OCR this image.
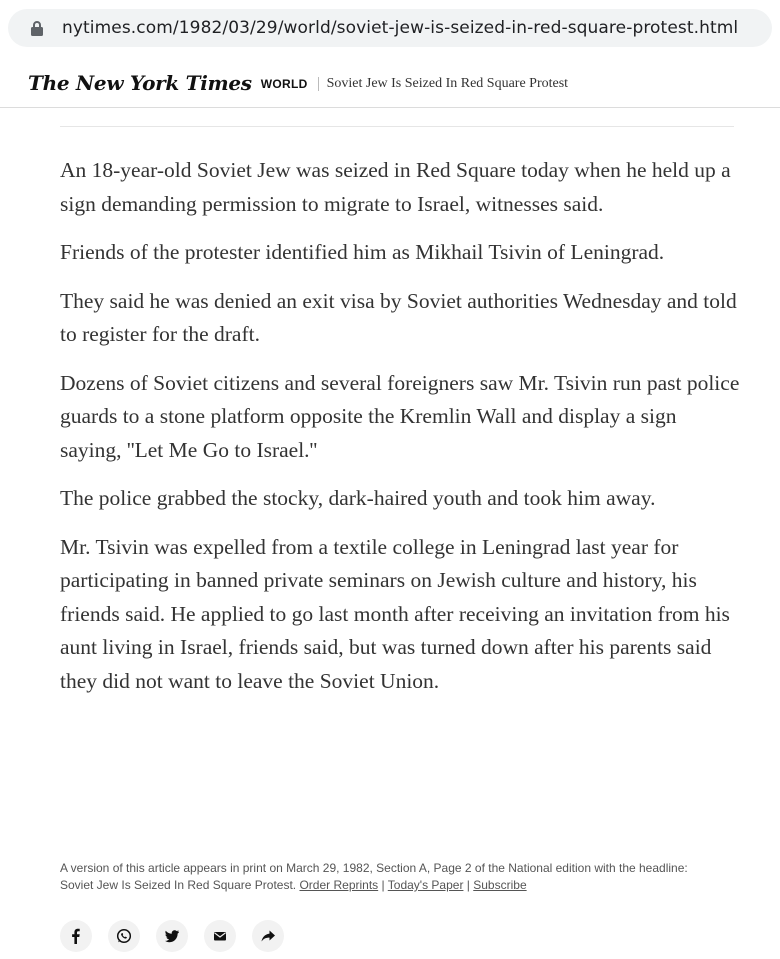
nytimes.com/1982/03/29/world/soviet-jew-is-seized-in-red-square-protest.html
The New York Times WORLD Soviet Jew Is Seized In Red Square Protest

An 18-year-old Soviet Jew was seized in Red Square today when he held up a sign demanding permission to migrate to Israel, witnesses said.

Friends of the protester identified him as Mikhail Tsivin of Leningrad.

They said he was denied an exit visa by Soviet authorities Wednesday and told to register for the draft.

Dozens of Soviet citizens and several foreigners saw Mr. Tsivin run past police guards to a stone platform opposite the Kremlin Wall and display a sign saying, ''Let Me Go to Israel.''

The police grabbed the stocky, dark-haired youth and took him away.

Mr. Tsivin was expelled from a textile college in Leningrad last year for participating in banned private seminars on Jewish culture and history, his friends said. He applied to go last month after receiving an invitation from his aunt living in Israel, friends said, but was turned down after his parents said they did not want to leave the Soviet Union.

A version of this article appears in print on March 29, 1982, Section A, Page 2 of the National edition with the headline: Soviet Jew Is Seized In Red Square Protest. Order Reprints | Today's Paper | Subscribe
